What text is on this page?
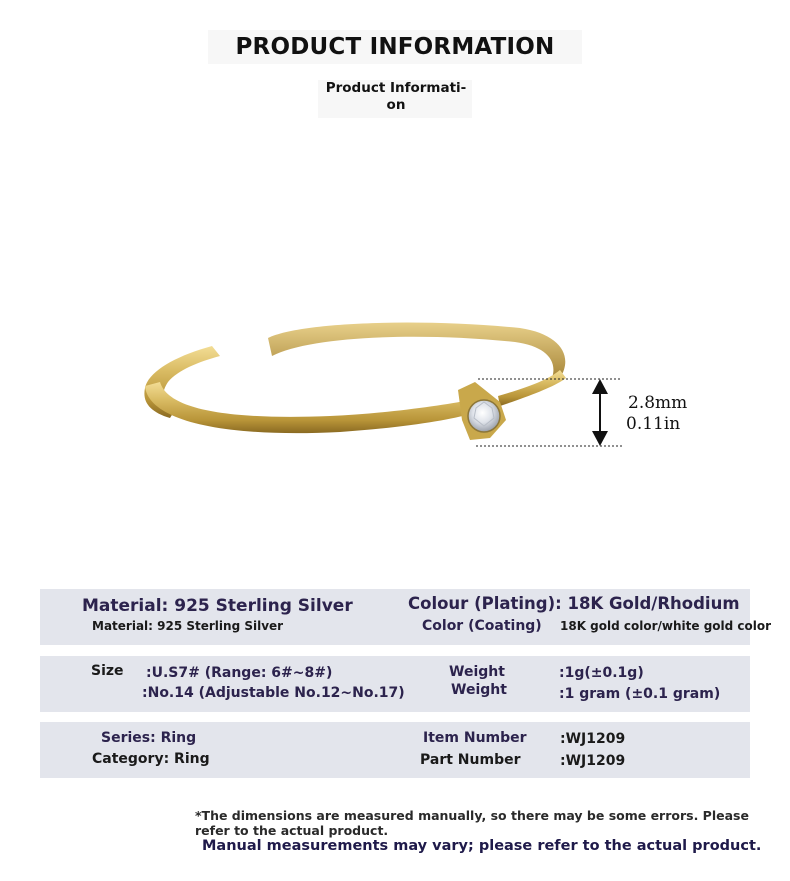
PRODUCT INFORMATION
Product Informati-on
2.8mm
0.11in
Material: 925 Sterling Silver
Material: 925 Sterling Silver
Colour (Plating): 18K Gold/Rhodium
Color (Coating) 18K gold color/white gold color
Size :U.S7# (Range: 6#~8#)
:No.14 (Adjustable No.12~No.17)
Weight
Weight
:1g(±0.1g)
:1 gram (±0.1 gram)
Series: Ring
Category: Ring
Item Number
Part Number
:WJ1209
:WJ1209
*The dimensions are measured manually, so there may be some errors. Please refer to the actual product.
Manual measurements may vary; please refer to the actual product.
